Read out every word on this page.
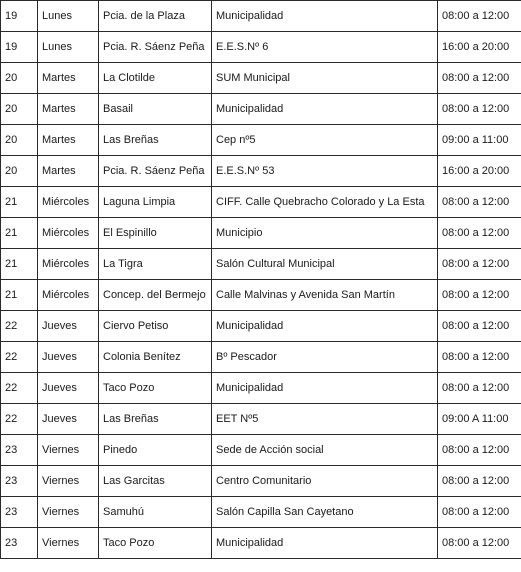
19	Lunes	Pcia. de la Plaza	Municipalidad	08:00 a 12:00
19	Lunes	Pcia. R. Sáenz Peña	E.E.S.Nº 6	16:00 a 20:00
20	Martes	La Clotilde	SUM Municipal	08:00 a 12:00
20	Martes	Basail	Municipalidad	08:00 a 12:00
20	Martes	Las Breñas	Cep nº5	09:00 a 11:00
20	Martes	Pcia. R. Sáenz Peña	E.E.S.Nº 53	16:00 a 20:00
21	Miércoles	Laguna Limpia	CIFF. Calle Quebracho Colorado y La Esta	08:00 a 12:00
21	Miércoles	El Espinillo	Municipio	08:00 a 12:00
21	Miércoles	La Tigra	Salón Cultural Municipal	08:00 a 12:00
21	Miércoles	Concep. del Bermejo	Calle Malvinas y Avenida San Martín	08:00 a 12:00
22	Jueves	Ciervo Petiso	Municipalidad	08:00 a 12:00
22	Jueves	Colonia Benítez	Bº Pescador	08:00 a 12:00
22	Jueves	Taco Pozo	Municipalidad	08:00 a 12:00
22	Jueves	Las Breñas	EET Nº5	09:00 A 11:00
23	Viernes	Pinedo	Sede de Acción social	08:00 a 12:00
23	Viernes	Las Garcitas	Centro Comunitario	08:00 a 12:00
23	Viernes	Samuhú	Salón Capilla San Cayetano	08:00 a 12:00
23	Viernes	Taco Pozo	Municipalidad	08:00 a 12:00
